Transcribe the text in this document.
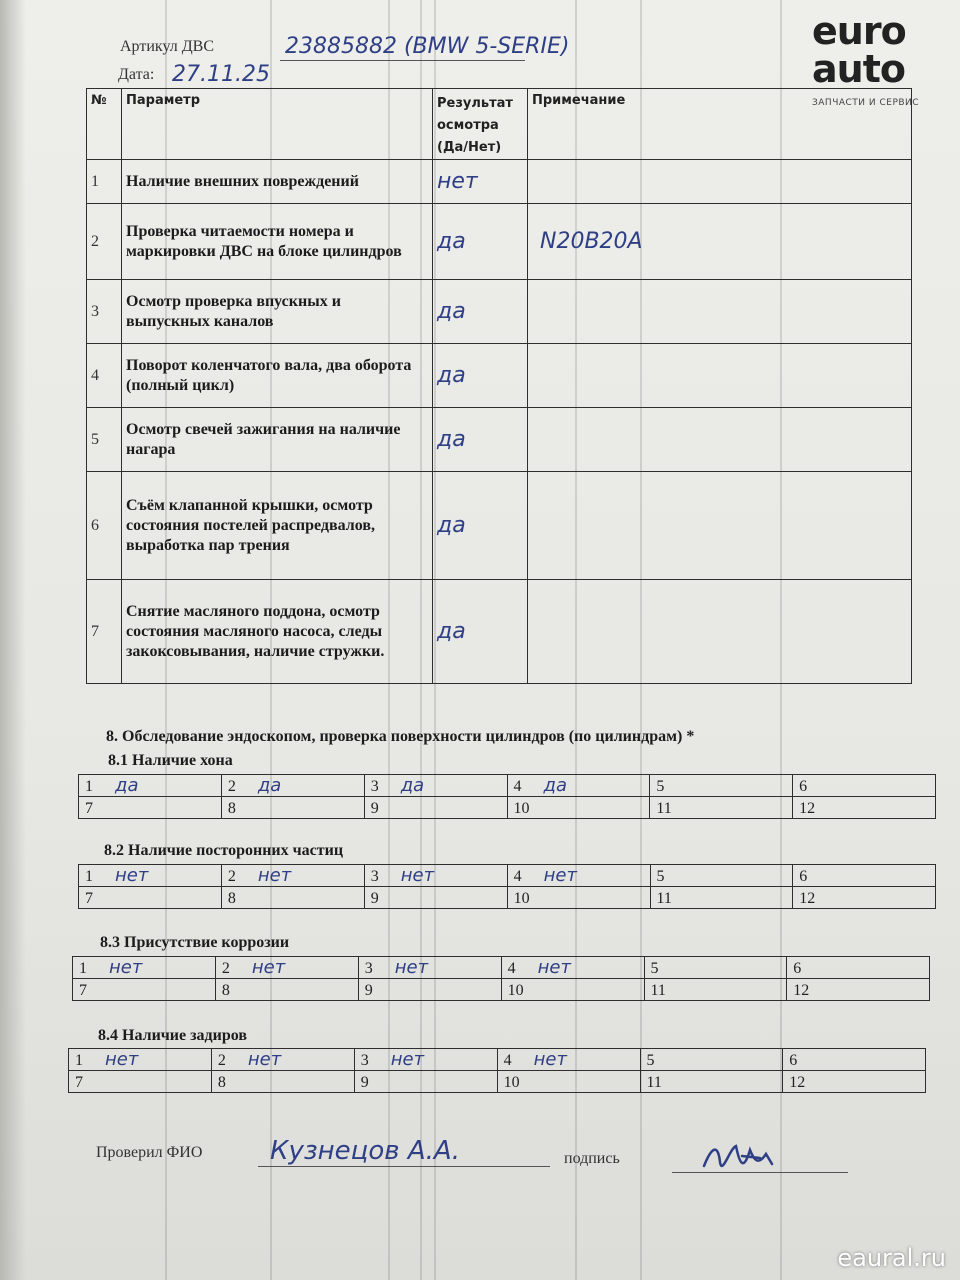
euro
auto
ЗАПЧАСТИ И СЕРВИС
Артикул ДВС	23885882 (BMW 5-SERIE)
Дата: 27.11.25
№	Параметр	Результат осмотра (Да/Нет)	Примечание
1	Наличие внешних повреждений	нет	
2	Проверка читаемости номера и маркировки ДВС на блоке цилиндров	да	N20B20A
3	Осмотр проверка впускных и выпускных каналов	да	
4	Поворот коленчатого вала, два оборота (полный цикл)	да	
5	Осмотр свечей зажигания на наличие нагара	да	
6	Съём клапанной крышки, осмотр состояния постелей распредвалов, выработка пар трения	да	
7	Снятие масляного поддона, осмотр состояния масляного насоса, следы закоксовывания, наличие стружки.	да	
8. Обследование эндоскопом, проверка поверхности цилиндров (по цилиндрам) *
8.1 Наличие хона
1 да	2 да	3 да	4 да	5	6
7	8	9	10	11	12
8.2 Наличие посторонних частиц
1 нет	2 нет	3 нет	4 нет	5	6
7	8	9	10	11	12
8.3 Присутствие коррозии
1 нет	2 нет	3 нет	4 нет	5	6
7	8	9	10	11	12
8.4 Наличие задиров
1 нет	2 нет	3 нет	4 нет	5	6
7	8	9	10	11	12
Проверил ФИО	Кузнецов А.А.	подпись
eaural.ru
